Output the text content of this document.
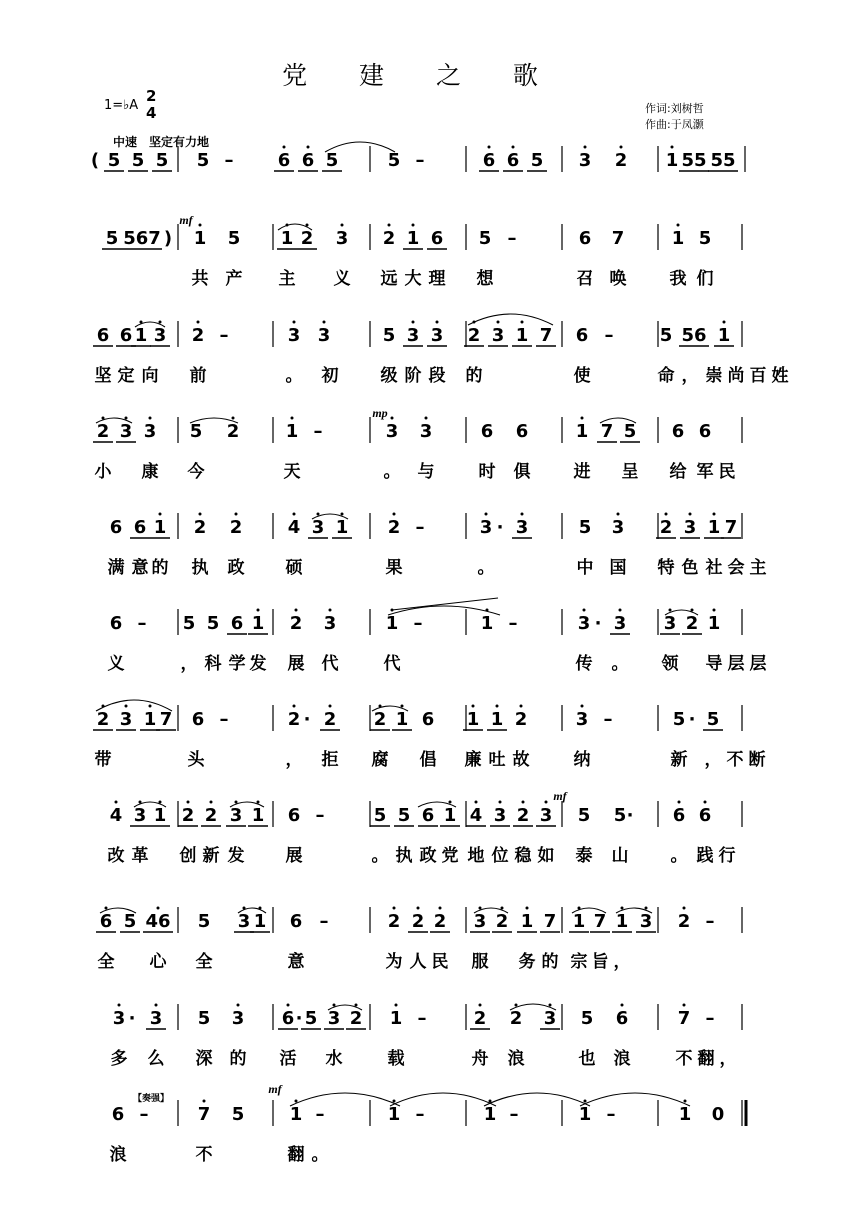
党 建 之 歌
1=♭A
2
4	作词:刘树哲
作曲:于凤灏
中速　坚定有力地
( 5 5 5 5 – 6 6 5	5 –	6 6 5 3 2 1 55 55
5 567 ) 1 5 1 2 3 2 1 6 5 –	6 7	1 5
6 6 1 3 2 –	3 3	5 3 3 2 3 1 7 6 –	5 56 1
2 3 3 5 2	1 –	3 3	6 6	1 7 5 6 6
6 6 1 2 2	4 3 1 2 –	3 · 3	5 3 2 3 1 7
6 – 5 5 6 1 2 3	1 –	1 –	3 · 3 3 2 1
2 3 1 7 6 –	2 · 2 2 1 6 1 1 2	3 –	5 · 5
4 3 1 2 2 3 1 6 –	5 5 6 1 4 3 2 3 5 5 · 6 6
6 5 46 5 3 1 6 –	2 2 2 3 2 1 7 1 7 1 3 2 –
3 · 3 5 3 6 · 5 3 2 1 –	2 2 3 5 6	7 –
6 –	7 5	1 –	1 –	1 –	1 –	1 0
mf
mp
mf
mf
【奏强】
共 产 主 义 远 大 理 想	召 唤	我 们
坚 定 向 前	。 初 级 阶 段 的	使	命 ， 崇 尚 百 姓
小 康 今	天	。 与	时 俱	进 呈 给 军 民
满 意 的 执 政 硕	果	。	中 国 特 色 社 会 主
义	， 科 学 发 展 代	代	传 。 领 导 层 层
带	头	， 拒 腐 倡 廉 吐 故	纳	新 ， 不 断
改 革 创 新 发 展	。 执 政 党 地 位 稳 如 泰 山 。 践 行
全 心 全	意	为 人 民 服 务 的 宗 旨 ，
多 么 深 的 活 水	载	舟 浪	也 浪	不 翻 ，
浪	不	翻 。
